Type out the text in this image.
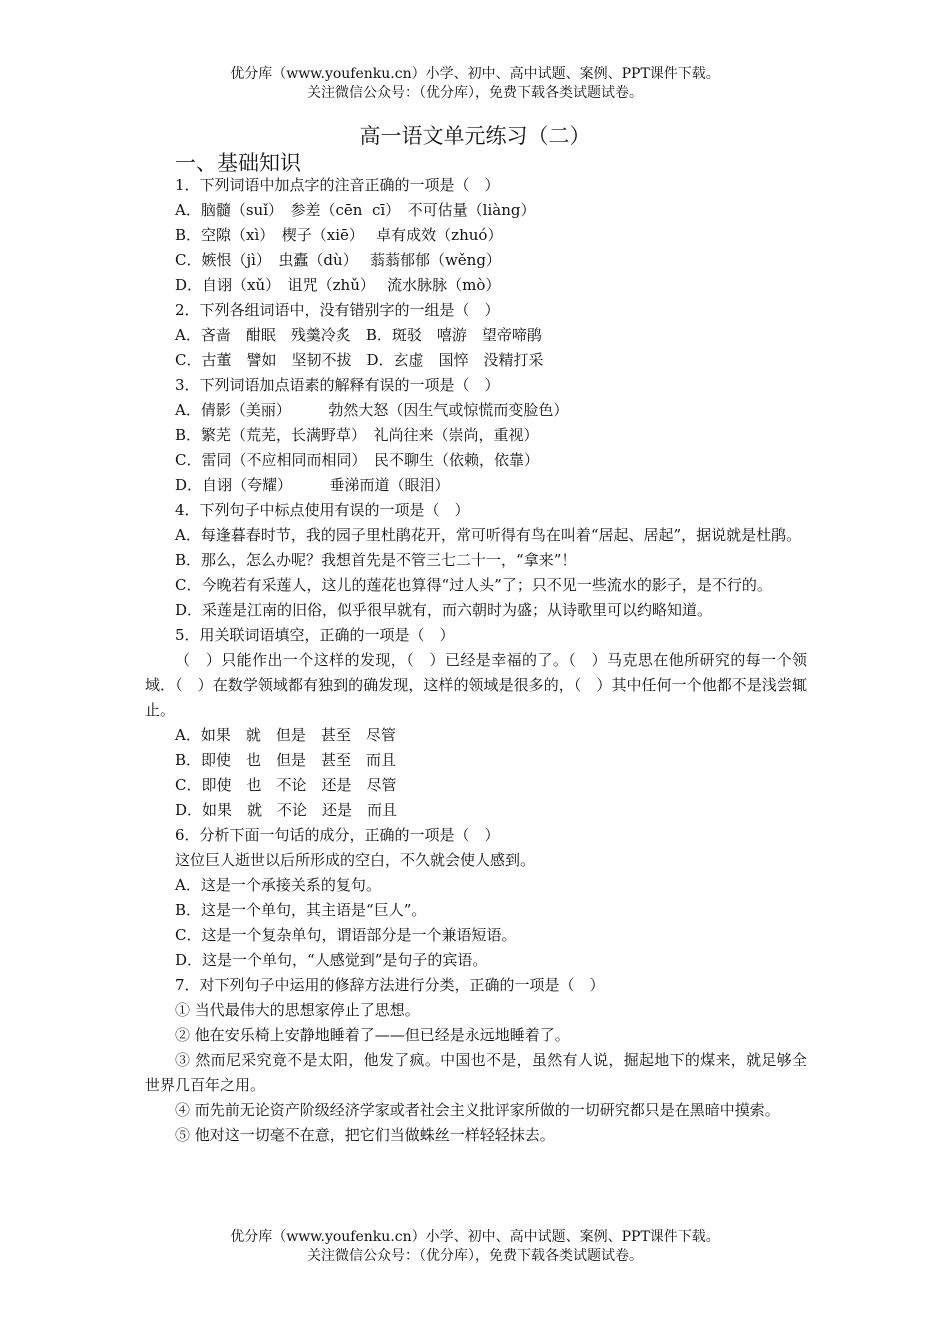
优分库（www.youfenku.cn）小学、初中、高中试题、案例、PPT课件下载。
关注微信公众号：（优分库），免费下载各类试题试卷。
高一语文单元练习（二）
一、基础知识

1．下列词语中加点字的注音正确的一项是（　）

A．脑髓（suǐ）　参差（cēn  cī）　不可估量（liàng）

B．空隙（xì）　楔子（xiē）　 卓有成效（zhuó）

C．嫉恨（jì）　虫蠹（dù）　 蓊蓊郁郁（wěng）

D．自诩（xǔ）　诅咒（zhǔ）　 流水脉脉（mò）

2．下列各组词语中，没有错别字的一组是（　）

A．吝啬　酣眠　残羹冷炙　B．斑驳　嘻游　望帝啼鹃

C．古董　譬如　坚韧不拔　D．玄虚　国悴　没精打采

3．下列词语加点语素的解释有误的一项是（　）

A．倩影（美丽）　　　勃然大怒（因生气或惊慌而变脸色）

B．繁芜（荒芜，长满野草）　礼尚往来（崇尚，重视）

C．雷同（不应相同而相同）　民不聊生（依赖，依靠）

D．自诩（夸耀）　　　垂涕而道（眼泪）

4．下列句子中标点使用有误的一项是（　）

A．每逢暮春时节，我的园子里杜鹃花开，常可听得有鸟在叫着“居起、居起”，据说就是杜鹃。

B．那么，怎么办呢？我想首先是不管三七二十一，“拿来”！

C．今晚若有采莲人，这儿的莲花也算得“过人头”了；只不见一些流水的影子，是不行的。

D．采莲是江南的旧俗，似乎很早就有，而六朝时为盛；从诗歌里可以约略知道。

5．用关联词语填空，正确的一项是（　）

（　）只能作出一个这样的发现，（　）已经是幸福的了。（　）马克思在他所研究的每一个领域．（　）在数学领域都有独到的确发现，这样的领域是很多的，（　）其中任何一个他都不是浅尝辄止。

A．如果　就　但是　甚至　尽管

B．即使　也　但是　甚至　而且

C．即使　也　不论　还是　尽管

D．如果　就　不论　还是　而且

6．分析下面一句话的成分，正确的一项是（　）

这位巨人逝世以后所形成的空白，不久就会使人感到。

A．这是一个承接关系的复句。

B．这是一个单句，其主语是“巨人”。

C．这是一个复杂单句，谓语部分是一个兼语短语。

D．这是一个单句，“人感觉到”是句子的宾语。

7．对下列句子中运用的修辞方法进行分类，正确的一项是（　）

① 当代最伟大的思想家停止了思想。

② 他在安乐椅上安静地睡着了——但已经是永远地睡着了。

③ 然而尼采究竟不是太阳，他发了疯。中国也不是，虽然有人说，掘起地下的煤来，就足够全世界几百年之用。

④ 而先前无论资产阶级经济学家或者社会主义批评家所做的一切研究都只是在黑暗中摸索。

⑤ 他对这一切毫不在意，把它们当做蛛丝一样轻轻抹去。

优分库（www.youfenku.cn）小学、初中、高中试题、案例、PPT课件下载。
关注微信公众号：（优分库），免费下载各类试题试卷。
